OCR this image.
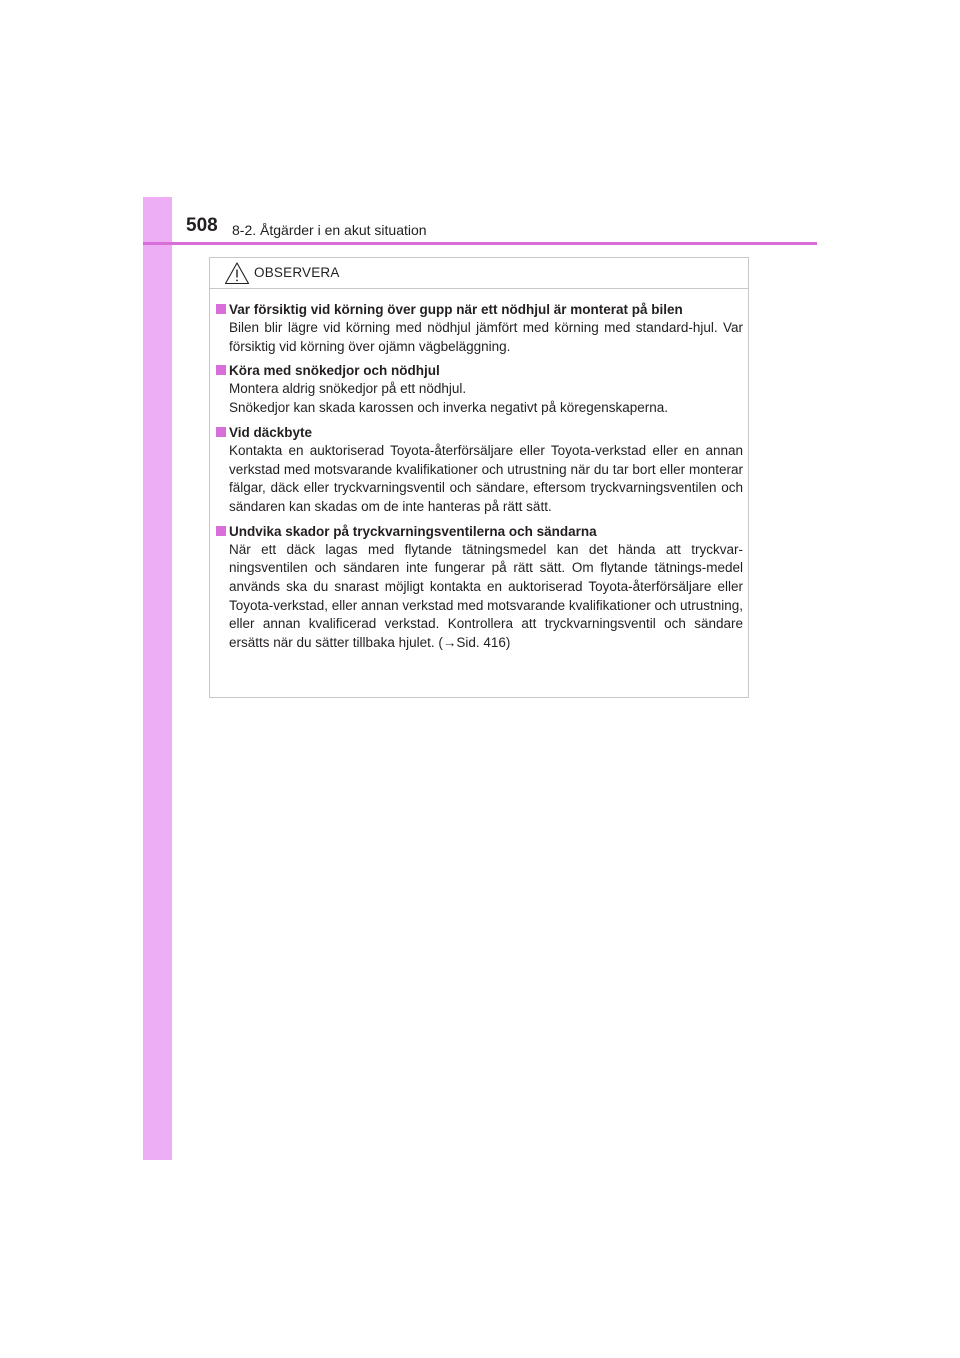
508 8-2. Åtgärder i en akut situation
OBSERVERA
Var försiktig vid körning över gupp när ett nödhjul är monterat på bilen

Bilen blir lägre vid körning med nödhjul jämfört med körning med standard-hjul. Var försiktig vid körning över ojämn vägbeläggning.

Köra med snökedjor och nödhjul

Montera aldrig snökedjor på ett nödhjul.

Snökedjor kan skada karossen och inverka negativt på köregenskaperna.

Vid däckbyte

Kontakta en auktoriserad Toyota-återförsäljare eller Toyota-verkstad eller en annan verkstad med motsvarande kvalifikationer och utrustning när du tar bort eller monterar fälgar, däck eller tryckvarningsventil och sändare, eftersom tryckvarningsventilen och sändaren kan skadas om de inte hanteras på rätt sätt.

Undvika skador på tryckvarningsventilerna och sändarna

När ett däck lagas med flytande tätningsmedel kan det hända att tryckvar-ningsventilen och sändaren inte fungerar på rätt sätt. Om flytande tätnings-medel används ska du snarast möjligt kontakta en auktoriserad Toyota-återförsäljare eller Toyota-verkstad, eller annan verkstad med motsvarande kvalifikationer och utrustning, eller annan kvalificerad verkstad. Kontrollera att tryckvarningsventil och sändare ersätts när du sätter tillbaka hjulet. (→Sid. 416)
